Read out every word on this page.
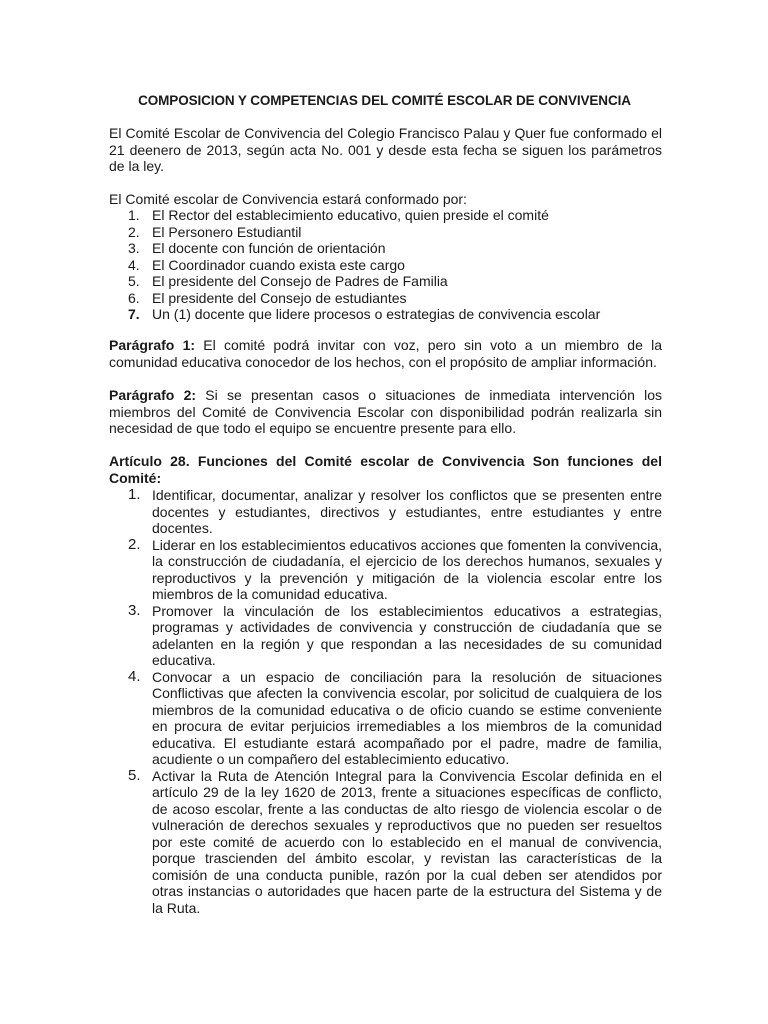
COMPOSICION Y COMPETENCIAS DEL COMITÉ ESCOLAR DE CONVIVENCIA
El Comité Escolar de Convivencia del Colegio Francisco Palau y Quer fue conformado el 21 deenero de 2013, según acta No. 001 y desde esta fecha se siguen los parámetros de la ley.
El Comité escolar de Convivencia estará conformado por:
1. El Rector del establecimiento educativo, quien preside el comité
2. El Personero Estudiantil
3. El docente con función de orientación
4. El Coordinador cuando exista este cargo
5. El presidente del Consejo de Padres de Familia
6. El presidente del Consejo de estudiantes
7. Un (1) docente que lidere procesos o estrategias de convivencia escolar
Parágrafo 1: El comité podrá invitar con voz, pero sin voto a un miembro de la comunidad educativa conocedor de los hechos, con el propósito de ampliar información.
Parágrafo 2: Si se presentan casos o situaciones de inmediata intervención los miembros del Comité de Convivencia Escolar con disponibilidad podrán realizarla sin necesidad de que todo el equipo se encuentre presente para ello.
Artículo 28. Funciones del Comité escolar de Convivencia Son funciones del Comité:
1. Identificar, documentar, analizar y resolver los conflictos que se presenten entre docentes y estudiantes, directivos y estudiantes, entre estudiantes y entre docentes.
2. Liderar en los establecimientos educativos acciones que fomenten la convivencia, la construcción de ciudadanía, el ejercicio de los derechos humanos, sexuales y reproductivos y la prevención y mitigación de la violencia escolar entre los miembros de la comunidad educativa.
3. Promover la vinculación de los establecimientos educativos a estrategias, programas y actividades de convivencia y construcción de ciudadanía que se adelanten en la región y que respondan a las necesidades de su comunidad educativa.
4. Convocar a un espacio de conciliación para la resolución de situaciones Conflictivas que afecten la convivencia escolar, por solicitud de cualquiera de los miembros de la comunidad educativa o de oficio cuando se estime conveniente en procura de evitar perjuicios irremediables a los miembros de la comunidad educativa. El estudiante estará acompañado por el padre, madre de familia, acudiente o un compañero del establecimiento educativo.
5. Activar la Ruta de Atención Integral para la Convivencia Escolar definida en el artículo 29 de la ley 1620 de 2013, frente a situaciones específicas de conflicto, de acoso escolar, frente a las conductas de alto riesgo de violencia escolar o de vulneración de derechos sexuales y reproductivos que no pueden ser resueltos por este comité de acuerdo con lo establecido en el manual de convivencia, porque trascienden del ámbito escolar, y revistan las características de la comisión de una conducta punible, razón por la cual deben ser atendidos por otras instancias o autoridades que hacen parte de la estructura del Sistema y de la Ruta.
